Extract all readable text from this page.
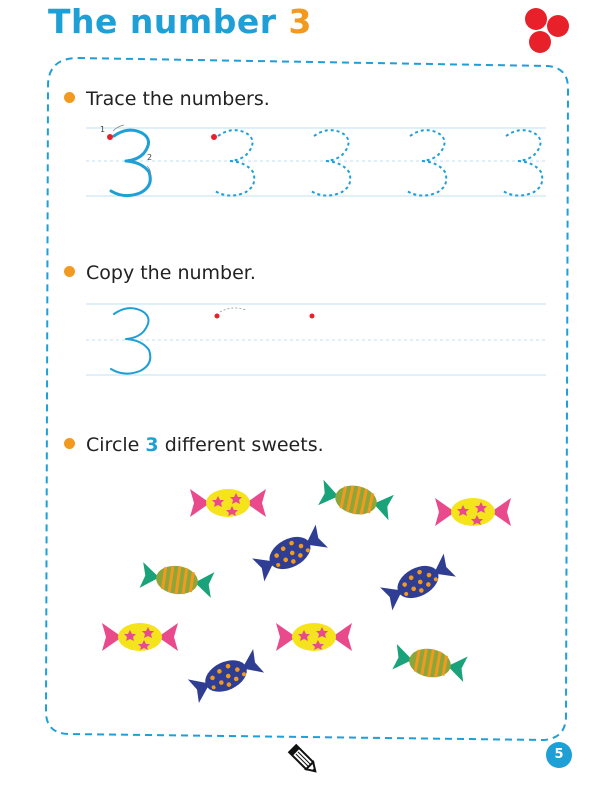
The number 3
Trace the numbers.
Copy the number.
Circle 3 different sweets.
1
2
5
